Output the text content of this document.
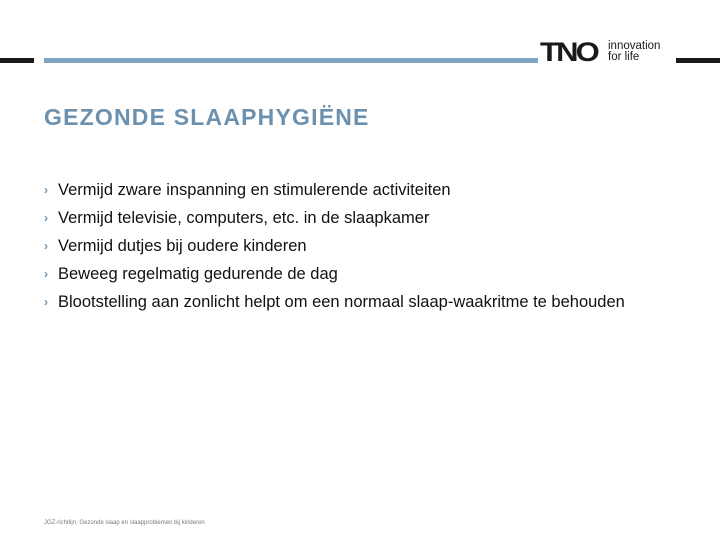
TNO innovation
for life
GEZONDE SLAAPHYGIËNE
› Vermijd zware inspanning en stimulerende activiteiten
› Vermijd televisie, computers, etc. in de slaapkamer
› Vermijd dutjes bij oudere kinderen
› Beweeg regelmatig gedurende de dag
› Blootstelling aan zonlicht helpt om een normaal slaap-waakritme te behouden
JGZ-richtlijn: Gezonde slaap en slaapproblemen bij kinderen
